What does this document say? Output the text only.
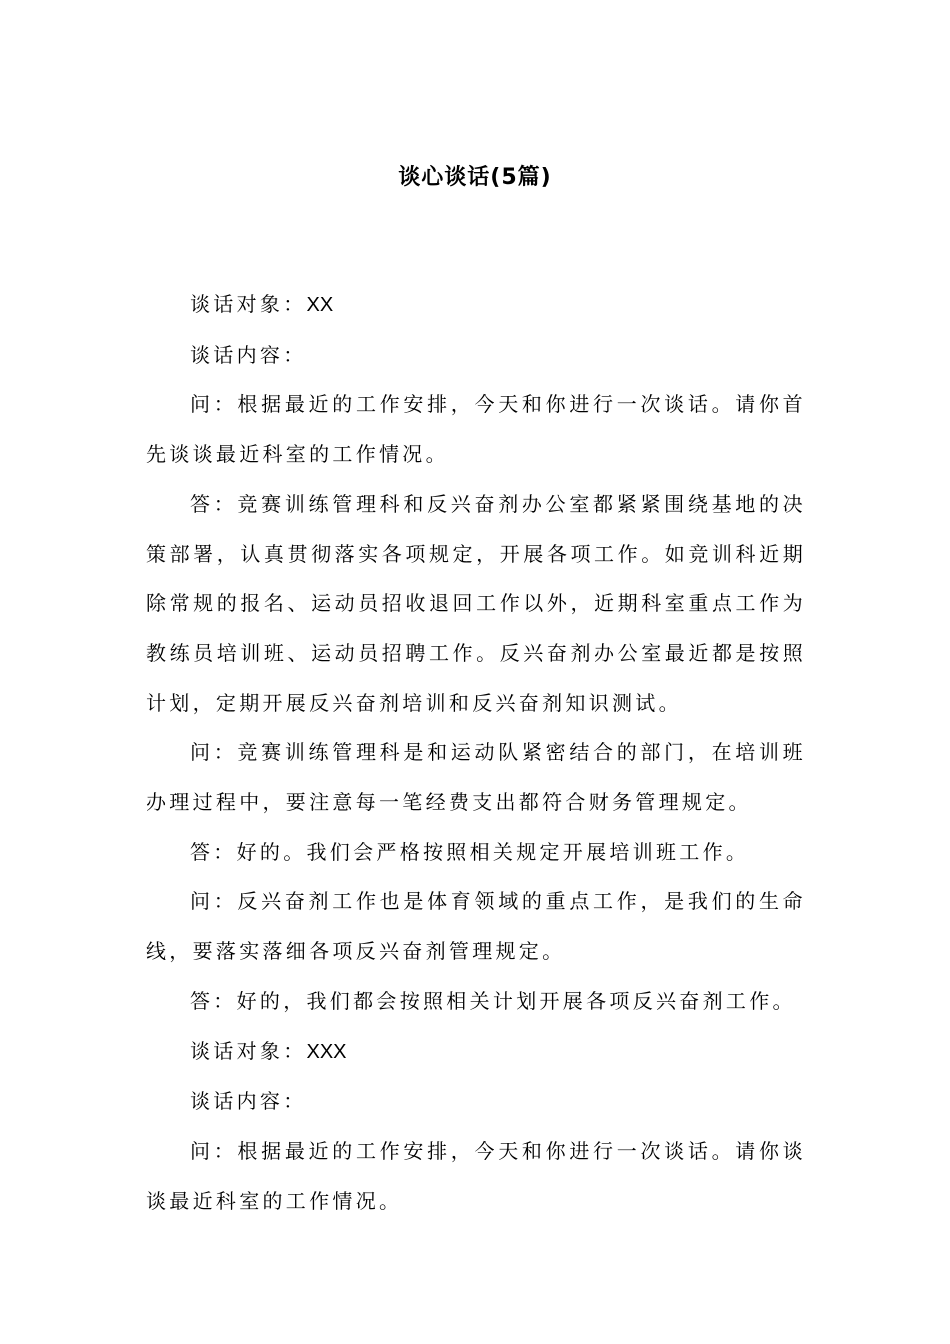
谈心谈话(5篇)

谈话对象：XX

谈话内容：

问：根据最近的工作安排，今天和你进行一次谈话。请你首先谈谈最近科室的工作情况。

答：竞赛训练管理科和反兴奋剂办公室都紧紧围绕基地的决策部署，认真贯彻落实各项规定，开展各项工作。如竞训科近期除常规的报名、运动员招收退回工作以外，近期科室重点工作为教练员培训班、运动员招聘工作。反兴奋剂办公室最近都是按照计划，定期开展反兴奋剂培训和反兴奋剂知识测试。

问：竞赛训练管理科是和运动队紧密结合的部门，在培训班办理过程中，要注意每一笔经费支出都符合财务管理规定。

答：好的。我们会严格按照相关规定开展培训班工作。

问：反兴奋剂工作也是体育领域的重点工作，是我们的生命线，要落实落细各项反兴奋剂管理规定。

答：好的，我们都会按照相关计划开展各项反兴奋剂工作。

谈话对象：XXX

谈话内容：

问：根据最近的工作安排，今天和你进行一次谈话。请你谈谈最近科室的工作情况。
